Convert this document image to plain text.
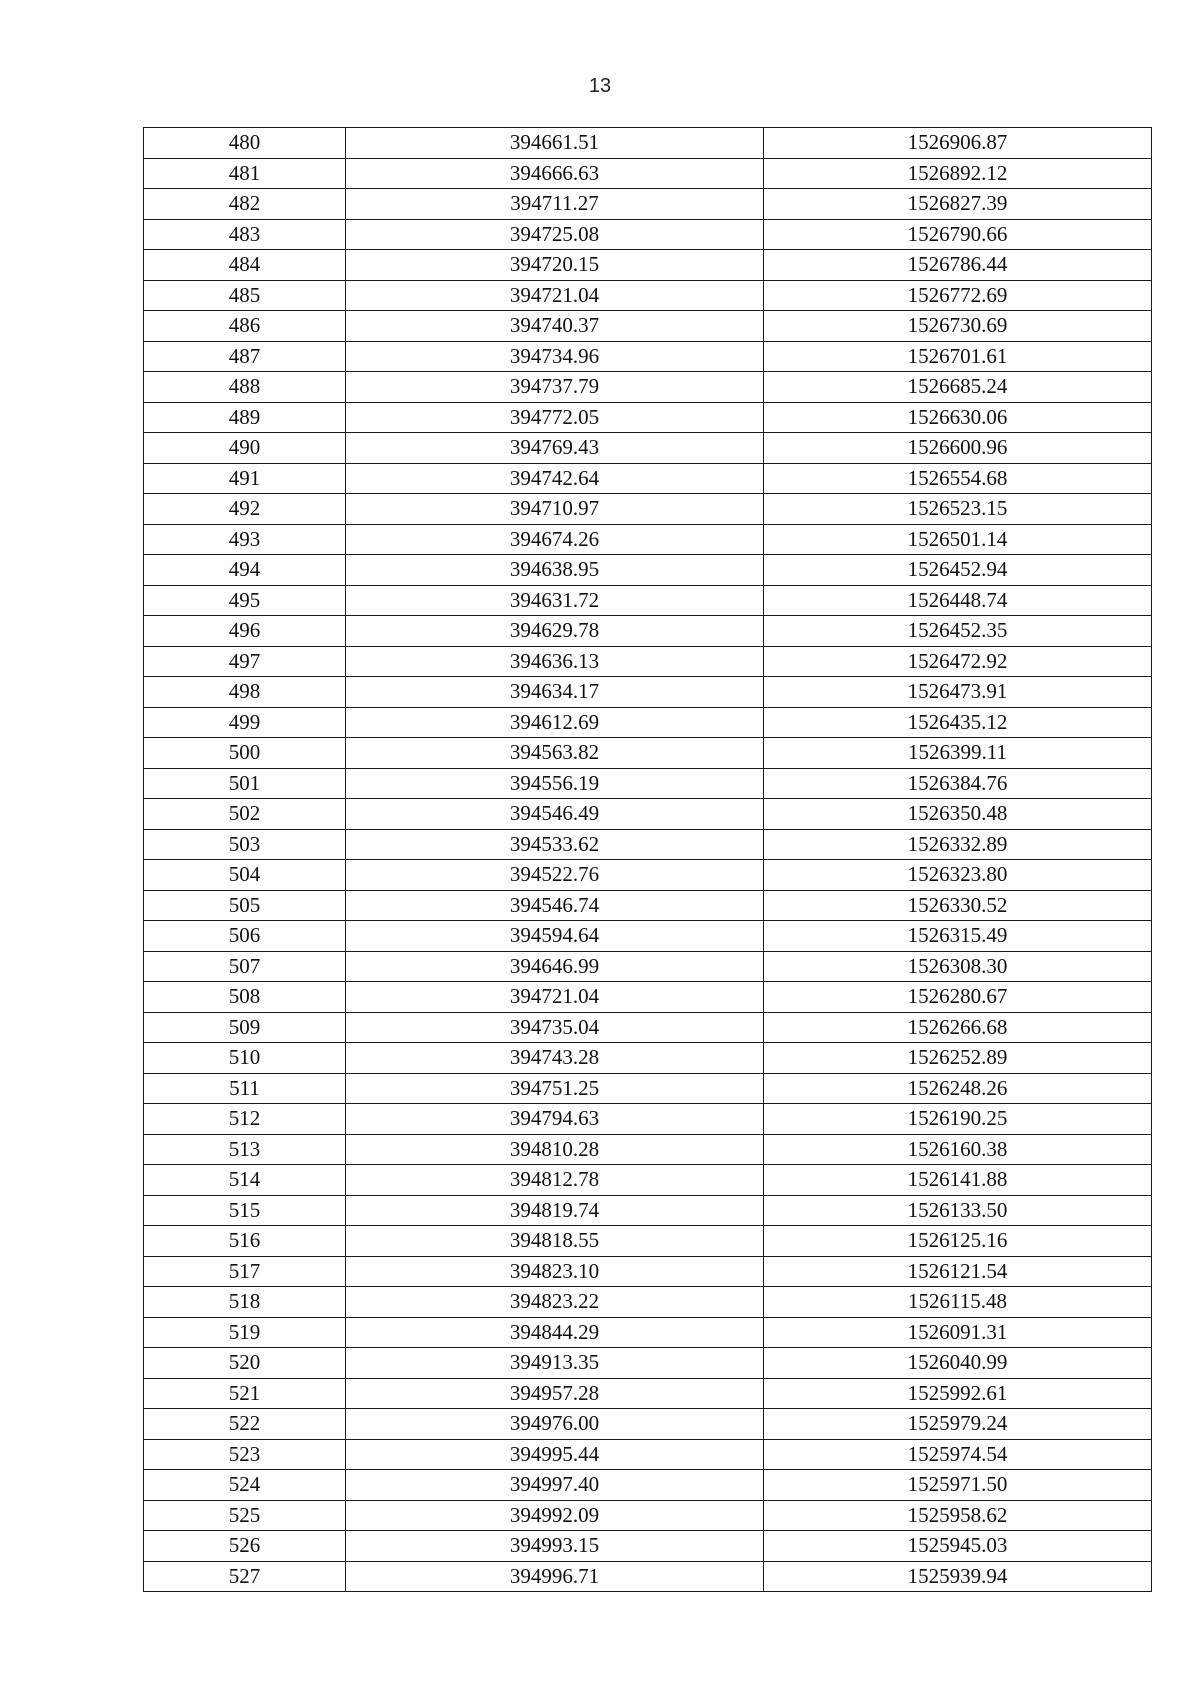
13
480	394661.51	1526906.87
481	394666.63	1526892.12
482	394711.27	1526827.39
483	394725.08	1526790.66
484	394720.15	1526786.44
485	394721.04	1526772.69
486	394740.37	1526730.69
487	394734.96	1526701.61
488	394737.79	1526685.24
489	394772.05	1526630.06
490	394769.43	1526600.96
491	394742.64	1526554.68
492	394710.97	1526523.15
493	394674.26	1526501.14
494	394638.95	1526452.94
495	394631.72	1526448.74
496	394629.78	1526452.35
497	394636.13	1526472.92
498	394634.17	1526473.91
499	394612.69	1526435.12
500	394563.82	1526399.11
501	394556.19	1526384.76
502	394546.49	1526350.48
503	394533.62	1526332.89
504	394522.76	1526323.80
505	394546.74	1526330.52
506	394594.64	1526315.49
507	394646.99	1526308.30
508	394721.04	1526280.67
509	394735.04	1526266.68
510	394743.28	1526252.89
511	394751.25	1526248.26
512	394794.63	1526190.25
513	394810.28	1526160.38
514	394812.78	1526141.88
515	394819.74	1526133.50
516	394818.55	1526125.16
517	394823.10	1526121.54
518	394823.22	1526115.48
519	394844.29	1526091.31
520	394913.35	1526040.99
521	394957.28	1525992.61
522	394976.00	1525979.24
523	394995.44	1525974.54
524	394997.40	1525971.50
525	394992.09	1525958.62
526	394993.15	1525945.03
527	394996.71	1525939.94
